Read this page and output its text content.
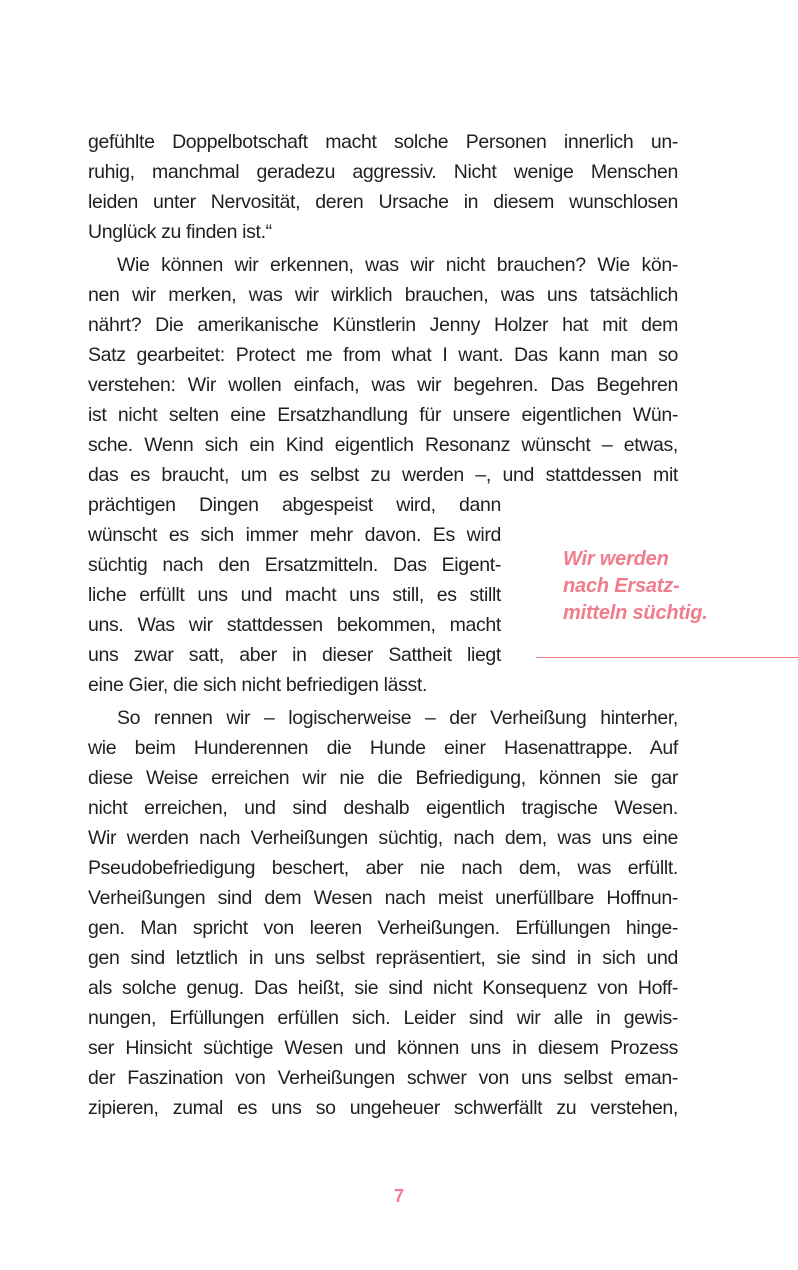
gefühlte Doppelbotschaft macht solche Personen innerlich un-

ruhig, manchmal geradezu aggressiv. Nicht wenige Menschen

leiden unter Nervosität, deren Ursache in diesem wunschlosen

Unglück zu finden ist.“

Wie können wir erkennen, was wir nicht brauchen? Wie kön-

nen wir merken, was wir wirklich brauchen, was uns tatsächlich

nährt? Die amerikanische Künstlerin Jenny Holzer hat mit dem

Satz gearbeitet: Protect me from what I want. Das kann man so

verstehen: Wir wollen einfach, was wir begehren. Das Begehren

ist nicht selten eine Ersatzhandlung für unsere eigentlichen Wün-

sche. Wenn sich ein Kind eigentlich Resonanz wünscht – etwas,

das es braucht, um es selbst zu werden –, und stattdessen mit

prächtigen Dingen abgespeist wird, dann

wünscht es sich immer mehr davon. Es wird

süchtig nach den Ersatzmitteln. Das Eigent-

liche erfüllt uns und macht uns still, es stillt

uns. Was wir stattdessen bekommen, macht

uns zwar satt, aber in dieser Sattheit liegt

eine Gier, die sich nicht befriedigen lässt.

So rennen wir – logischerweise – der Verheißung hinterher,

wie beim Hunderennen die Hunde einer Hasenattrappe. Auf

diese Weise erreichen wir nie die Befriedigung, können sie gar

nicht erreichen, und sind deshalb eigentlich tragische Wesen.

Wir werden nach Verheißungen süchtig, nach dem, was uns eine

Pseudobefriedigung beschert, aber nie nach dem, was erfüllt.

Verheißungen sind dem Wesen nach meist unerfüllbare Hoffnun-

gen. Man spricht von leeren Verheißungen. Erfüllungen hinge-

gen sind letztlich in uns selbst repräsentiert, sie sind in sich und

als solche genug. Das heißt, sie sind nicht Konsequenz von Hoff-

nungen, Erfüllungen erfüllen sich. Leider sind wir alle in gewis-

ser Hinsicht süchtige Wesen und können uns in diesem Prozess

der Faszination von Verheißungen schwer von uns selbst eman-

zipieren, zumal es uns so ungeheuer schwerfällt zu verstehen,

Wir werden
nach Ersatz-
mitteln süchtig.
7
